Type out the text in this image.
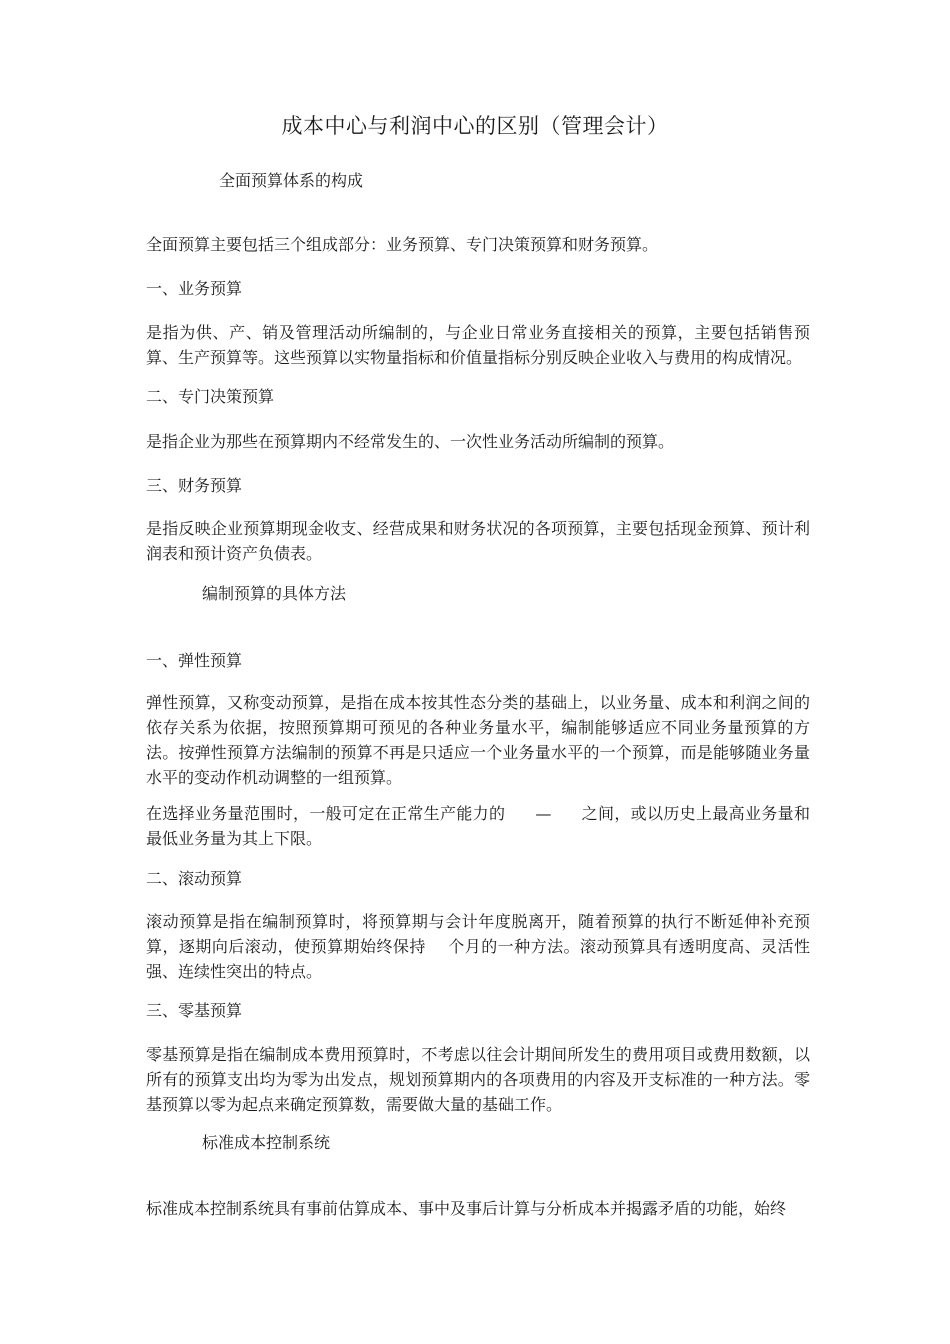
成本中心与利润中心的区别（管理会计）
全面预算体系的构成
全面预算主要包括三个组成部分：业务预算、专门决策预算和财务预算。
一、业务预算
是指为供、产、销及管理活动所编制的，与企业日常业务直接相关的预算，主要包括销售预算、生产预算等。这些预算以实物量指标和价值量指标分别反映企业收入与费用的构成情况。
二、专门决策预算
是指企业为那些在预算期内不经常发生的、一次性业务活动所编制的预算。
三、财务预算
是指反映企业预算期现金收支、经营成果和财务状况的各项预算，主要包括现金预算、预计利润表和预计资产负债表。
编制预算的具体方法
一、弹性预算
弹性预算，又称变动预算，是指在成本按其性态分类的基础上，以业务量、成本和利润之间的依存关系为依据，按照预算期可预见的各种业务量水平，编制能够适应不同业务量预算的方法。按弹性预算方法编制的预算不再是只适应一个业务量水平的一个预算，而是能够随业务量水平的变动作机动调整的一组预算。
在选择业务量范围时，一般可定在正常生产能力的 — 之间，或以历史上最高业务量和最低业务量为其上下限。
二、滚动预算
滚动预算是指在编制预算时，将预算期与会计年度脱离开，随着预算的执行不断延伸补充预算，逐期向后滚动，使预算期始终保持 个月的一种方法。滚动预算具有透明度高、灵活性强、连续性突出的特点。
三、零基预算
零基预算是指在编制成本费用预算时，不考虑以往会计期间所发生的费用项目或费用数额，以所有的预算支出均为零为出发点，规划预算期内的各项费用的内容及开支标准的一种方法。零基预算以零为起点来确定预算数，需要做大量的基础工作。
标准成本控制系统
标准成本控制系统具有事前估算成本、事中及事后计算与分析成本并揭露矛盾的功能，始终
